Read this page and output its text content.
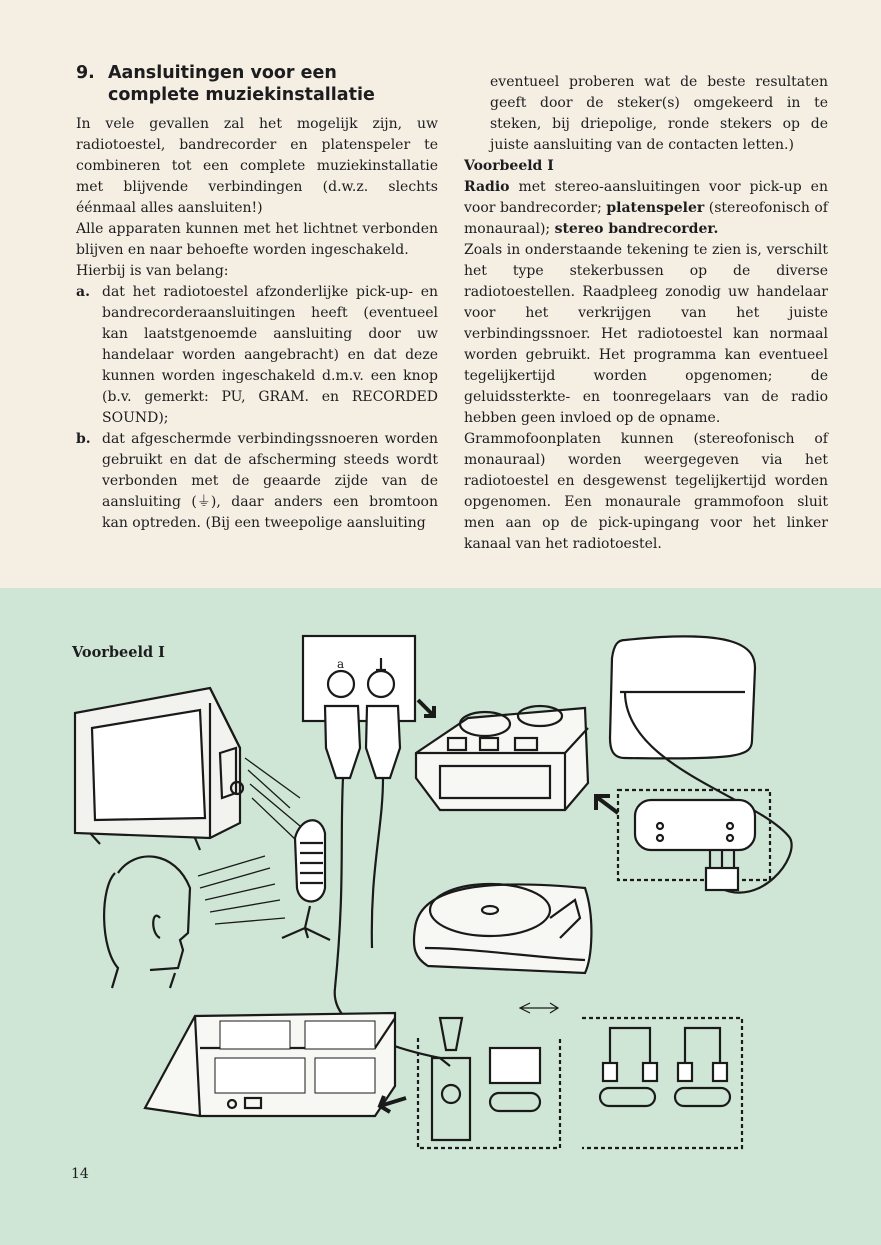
9. Aansluitingen voor een
complete muziekinstallatie

In vele gevallen zal het mogelijk zijn, uw radiotoestel, bandrecorder en platenspeler te combineren tot een complete muziekinstallatie met blijvende verbindingen (d.w.z. slechts éénmaal alles aansluiten!)

Alle apparaten kunnen met het lichtnet verbonden blijven en naar behoefte worden ingeschakeld.

Hierbij is van belang:

a. dat het radiotoestel afzonderlijke pick-up- en bandrecorderaansluitingen heeft (eventueel kan laatstgenoemde aansluiting door uw handelaar worden aangebracht) en dat deze kunnen worden ingeschakeld d.m.v. een knop (b.v. gemerkt: PU, GRAM. en RECORDED SOUND);
b. dat afgeschermde verbindingssnoeren worden gebruikt en dat de afscherming steeds wordt verbonden met de geaarde zijde van de aansluiting (⏚), daar anders een bromtoon kan optreden. (Bij een tweepolige aansluiting

eventueel proberen wat de beste resultaten geeft door de steker(s) omgekeerd in te steken, bij driepolige, ronde stekers op de juiste aansluiting van de contacten letten.)

Voorbeeld I

Radio met stereo-aansluitingen voor pick-up en voor bandrecorder; platenspeler (stereofonisch of monauraal); stereo bandrecorder.

Zoals in onderstaande tekening te zien is, verschilt het type stekerbussen op de diverse radiotoestellen. Raadpleeg zonodig uw handelaar voor het verkrijgen van het juiste verbindingssnoer. Het radiotoestel kan normaal worden gebruikt. Het programma kan eventueel tegelijkertijd worden opgenomen; de geluidssterkte- en toonregelaars van de radio hebben geen invloed op de opname.

Grammofoonplaten kunnen (stereofonisch of monauraal) worden weergegeven via het radiotoestel en desgewenst tegelijkertijd worden opgenomen. Een monaurale grammofoon sluit men aan op de pick-upingang voor het linker kanaal van het radiotoestel.

Voorbeeld I
a
14
